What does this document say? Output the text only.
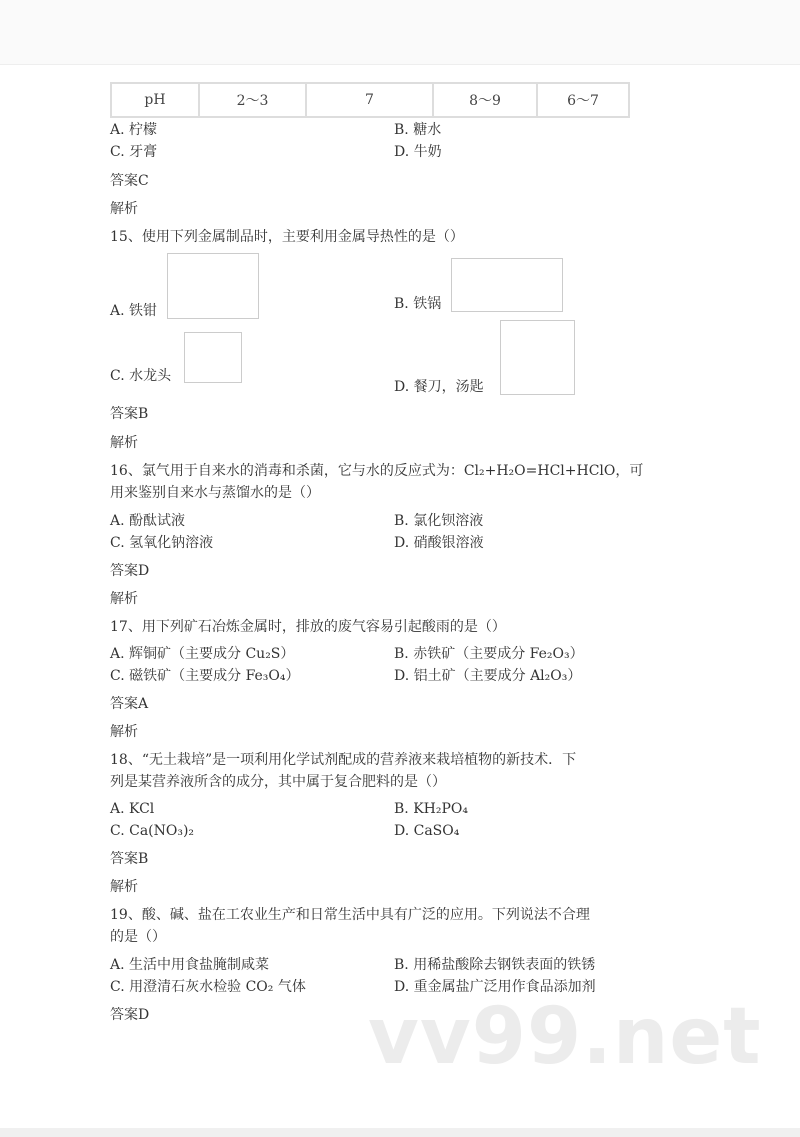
pH	2～3	7	8～9	6～7
A. 柠檬	B. 糖水
C. 牙膏	D. 牛奶
答案C
解析
15、使用下列金属制品时，主要利用金属导热性的是（）
A. 铁钳	B. 铁锅
C. 水龙头
D. 餐刀，汤匙
答案B
解析
16、氯气用于自来水的消毒和杀菌，它与水的反应式为：Cl₂+H₂O=HCl+HClO，可
用来鉴别自来水与蒸馏水的是（）
A. 酚酞试液	B. 氯化钡溶液
C. 氢氧化钠溶液	D. 硝酸银溶液
答案D
解析
17、用下列矿石冶炼金属时，排放的废气容易引起酸雨的是（）
A. 辉铜矿（主要成分 Cu₂S）	B. 赤铁矿（主要成分 Fe₂O₃）
C. 磁铁矿（主要成分 Fe₃O₄）	D. 铝土矿（主要成分 Al₂O₃）
答案A
解析
18、“无土栽培”是一项利用化学试剂配成的营养液来栽培植物的新技术．下
列是某营养液所含的成分，其中属于复合肥料的是（）
A. KCl	B. KH₂PO₄
C. Ca(NO₃)₂	D. CaSO₄
答案B
解析
19、酸、碱、盐在工农业生产和日常生活中具有广泛的应用。下列说法不合理
的是（）
A. 生活中用食盐腌制咸菜	B. 用稀盐酸除去钢铁表面的铁锈
C. 用澄清石灰水检验 CO₂ 气体	D. 重金属盐广泛用作食品添加剂
答案D	vv99.net
